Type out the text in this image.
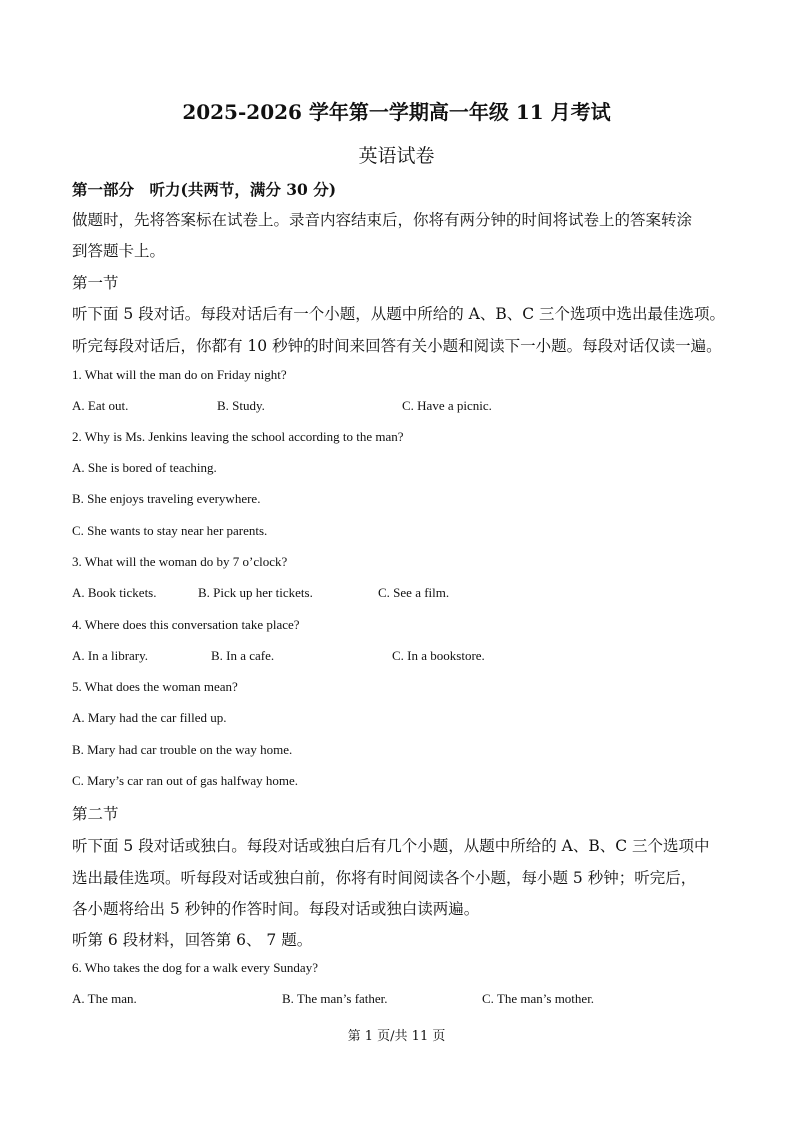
2025-2026 学年第一学期高一年级 11 月考试
英语试卷
第一部分　听力(共两节，满分 30 分)
做题时，先将答案标在试卷上。录音内容结束后，你将有两分钟的时间将试卷上的答案转涂
到答题卡上。
第一节
听下面 5 段对话。每段对话后有一个小题，从题中所给的 A、B、C 三个选项中选出最佳选项。
听完每段对话后，你都有 10 秒钟的时间来回答有关小题和阅读下一小题。每段对话仅读一遍。
1. What will the man do on Friday night?
A. Eat out.	B. Study.	C. Have a picnic.
2. Why is Ms. Jenkins leaving the school according to the man?
A. She is bored of teaching.
B. She enjoys traveling everywhere.
C. She wants to stay near her parents.
3. What will the woman do by 7 o’clock?
A. Book tickets.	B. Pick up her tickets.	C. See a film.
4. Where does this conversation take place?
A. In a library.	B. In a cafe.	C. In a bookstore.
5. What does the woman mean?
A. Mary had the car filled up.
B. Mary had car trouble on the way home.
C. Mary’s car ran out of gas halfway home.
第二节
听下面 5 段对话或独白。每段对话或独白后有几个小题，从题中所给的 A、B、C 三个选项中
选出最佳选项。听每段对话或独白前，你将有时间阅读各个小题，每小题 5 秒钟；听完后，
各小题将给出 5 秒钟的作答时间。每段对话或独白读两遍。
听第 6 段材料，回答第 6、 7 题。
6. Who takes the dog for a walk every Sunday?
A. The man.	B. The man’s father.	C. The man’s mother.
第 1 页/共 11 页
